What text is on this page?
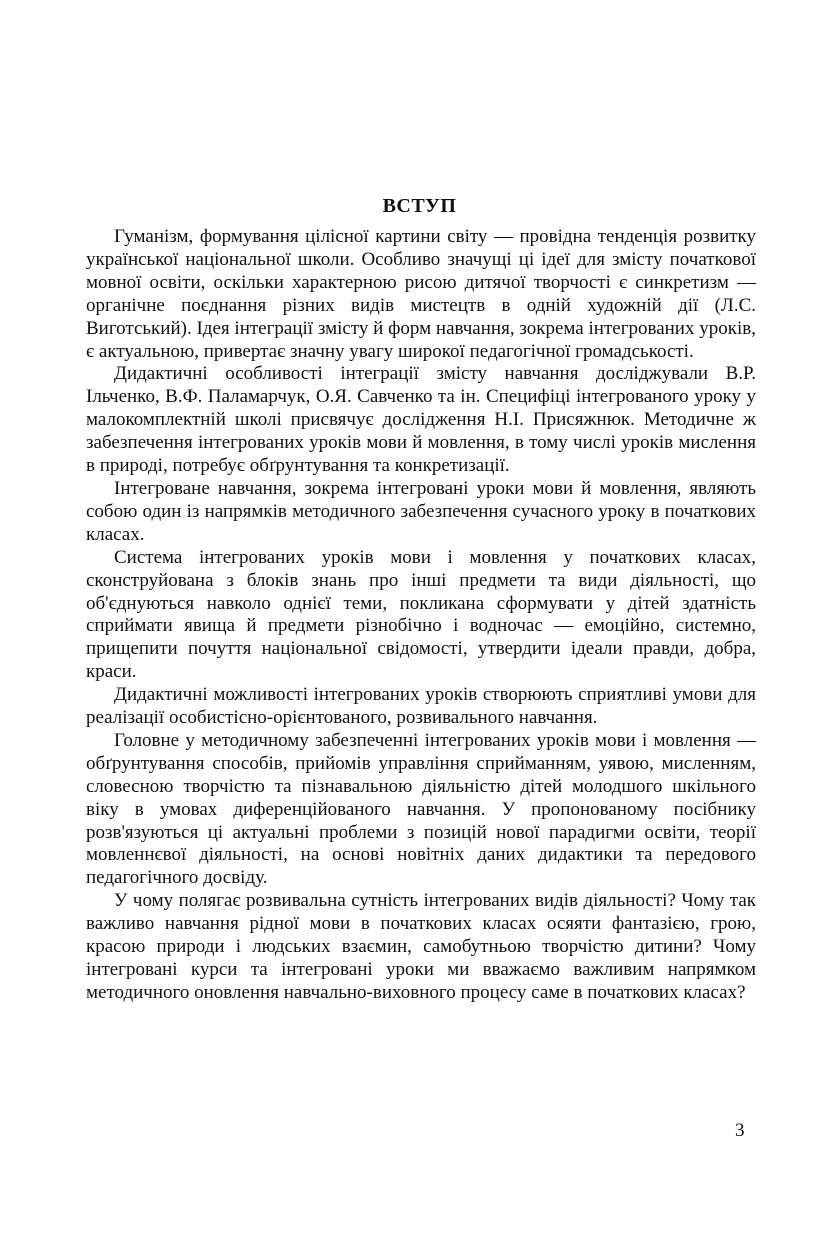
ВСТУП

Гуманізм, формування цілісної картини світу — провідна тенденція розвитку української національної школи. Особливо значущі ці ідеї для змісту початкової мовної освіти, оскільки характерною рисою дитячої творчості є синкретизм — органічне поєднання різних видів мистецтв в одній художній дії (Л.С. Виготський). Ідея інтеграції змісту й форм навчання, зокрема інтегрованих уроків, є актуальною, привертає значну увагу широкої педагогічної громадськості.

Дидактичні особливості інтеграції змісту навчання досліджували В.Р. Ільченко, В.Ф. Паламарчук, О.Я. Савченко та ін. Специфіці інтегрованого уроку у малокомплектній школі присвячує дослідження Н.І. Присяжнюк. Методичне ж забезпечення інтегрованих уроків мови й мовлення, в тому числі уроків мислення в природі, потребує обґрунтування та конкретизації.

Інтегроване навчання, зокрема інтегровані уроки мови й мовлення, являють собою один із напрямків методичного забезпечення сучасного уроку в початкових класах.

Система інтегрованих уроків мови і мовлення у початкових класах, сконструйована з блоків знань про інші предмети та види діяльності, що об'єднуються навколо однієї теми, покликана сформувати у дітей здатність сприймати явища й предмети різнобічно і водночас — емоційно, системно, прищепити почуття національної свідомості, утвердити ідеали правди, добра, краси.

Дидактичні можливості інтегрованих уроків створюють сприятливі умови для реалізації особистісно-орієнтованого, розвивального навчання.

Головне у методичному забезпеченні інтегрованих уроків мови і мовлення — обґрунтування способів, прийомів управління сприйманням, уявою, мисленням, словесною творчістю та пізнавальною діяльністю дітей молодшого шкільного віку в умовах диференційованого навчання. У пропонованому посібнику розв'язуються ці актуальні проблеми з позицій нової парадигми освіти, теорії мовленнєвої діяльності, на основі новітніх даних дидактики та передового педагогічного досвіду.

У чому полягає розвивальна сутність інтегрованих видів діяльності? Чому так важливо навчання рідної мови в початкових класах осяяти фантазією, грою, красою природи і людських взаємин, самобутньою творчістю дитини? Чому інтегровані курси та інтегровані уроки ми вважаємо важливим напрямком методичного оновлення навчально-виховного процесу саме в початкових класах?

3
